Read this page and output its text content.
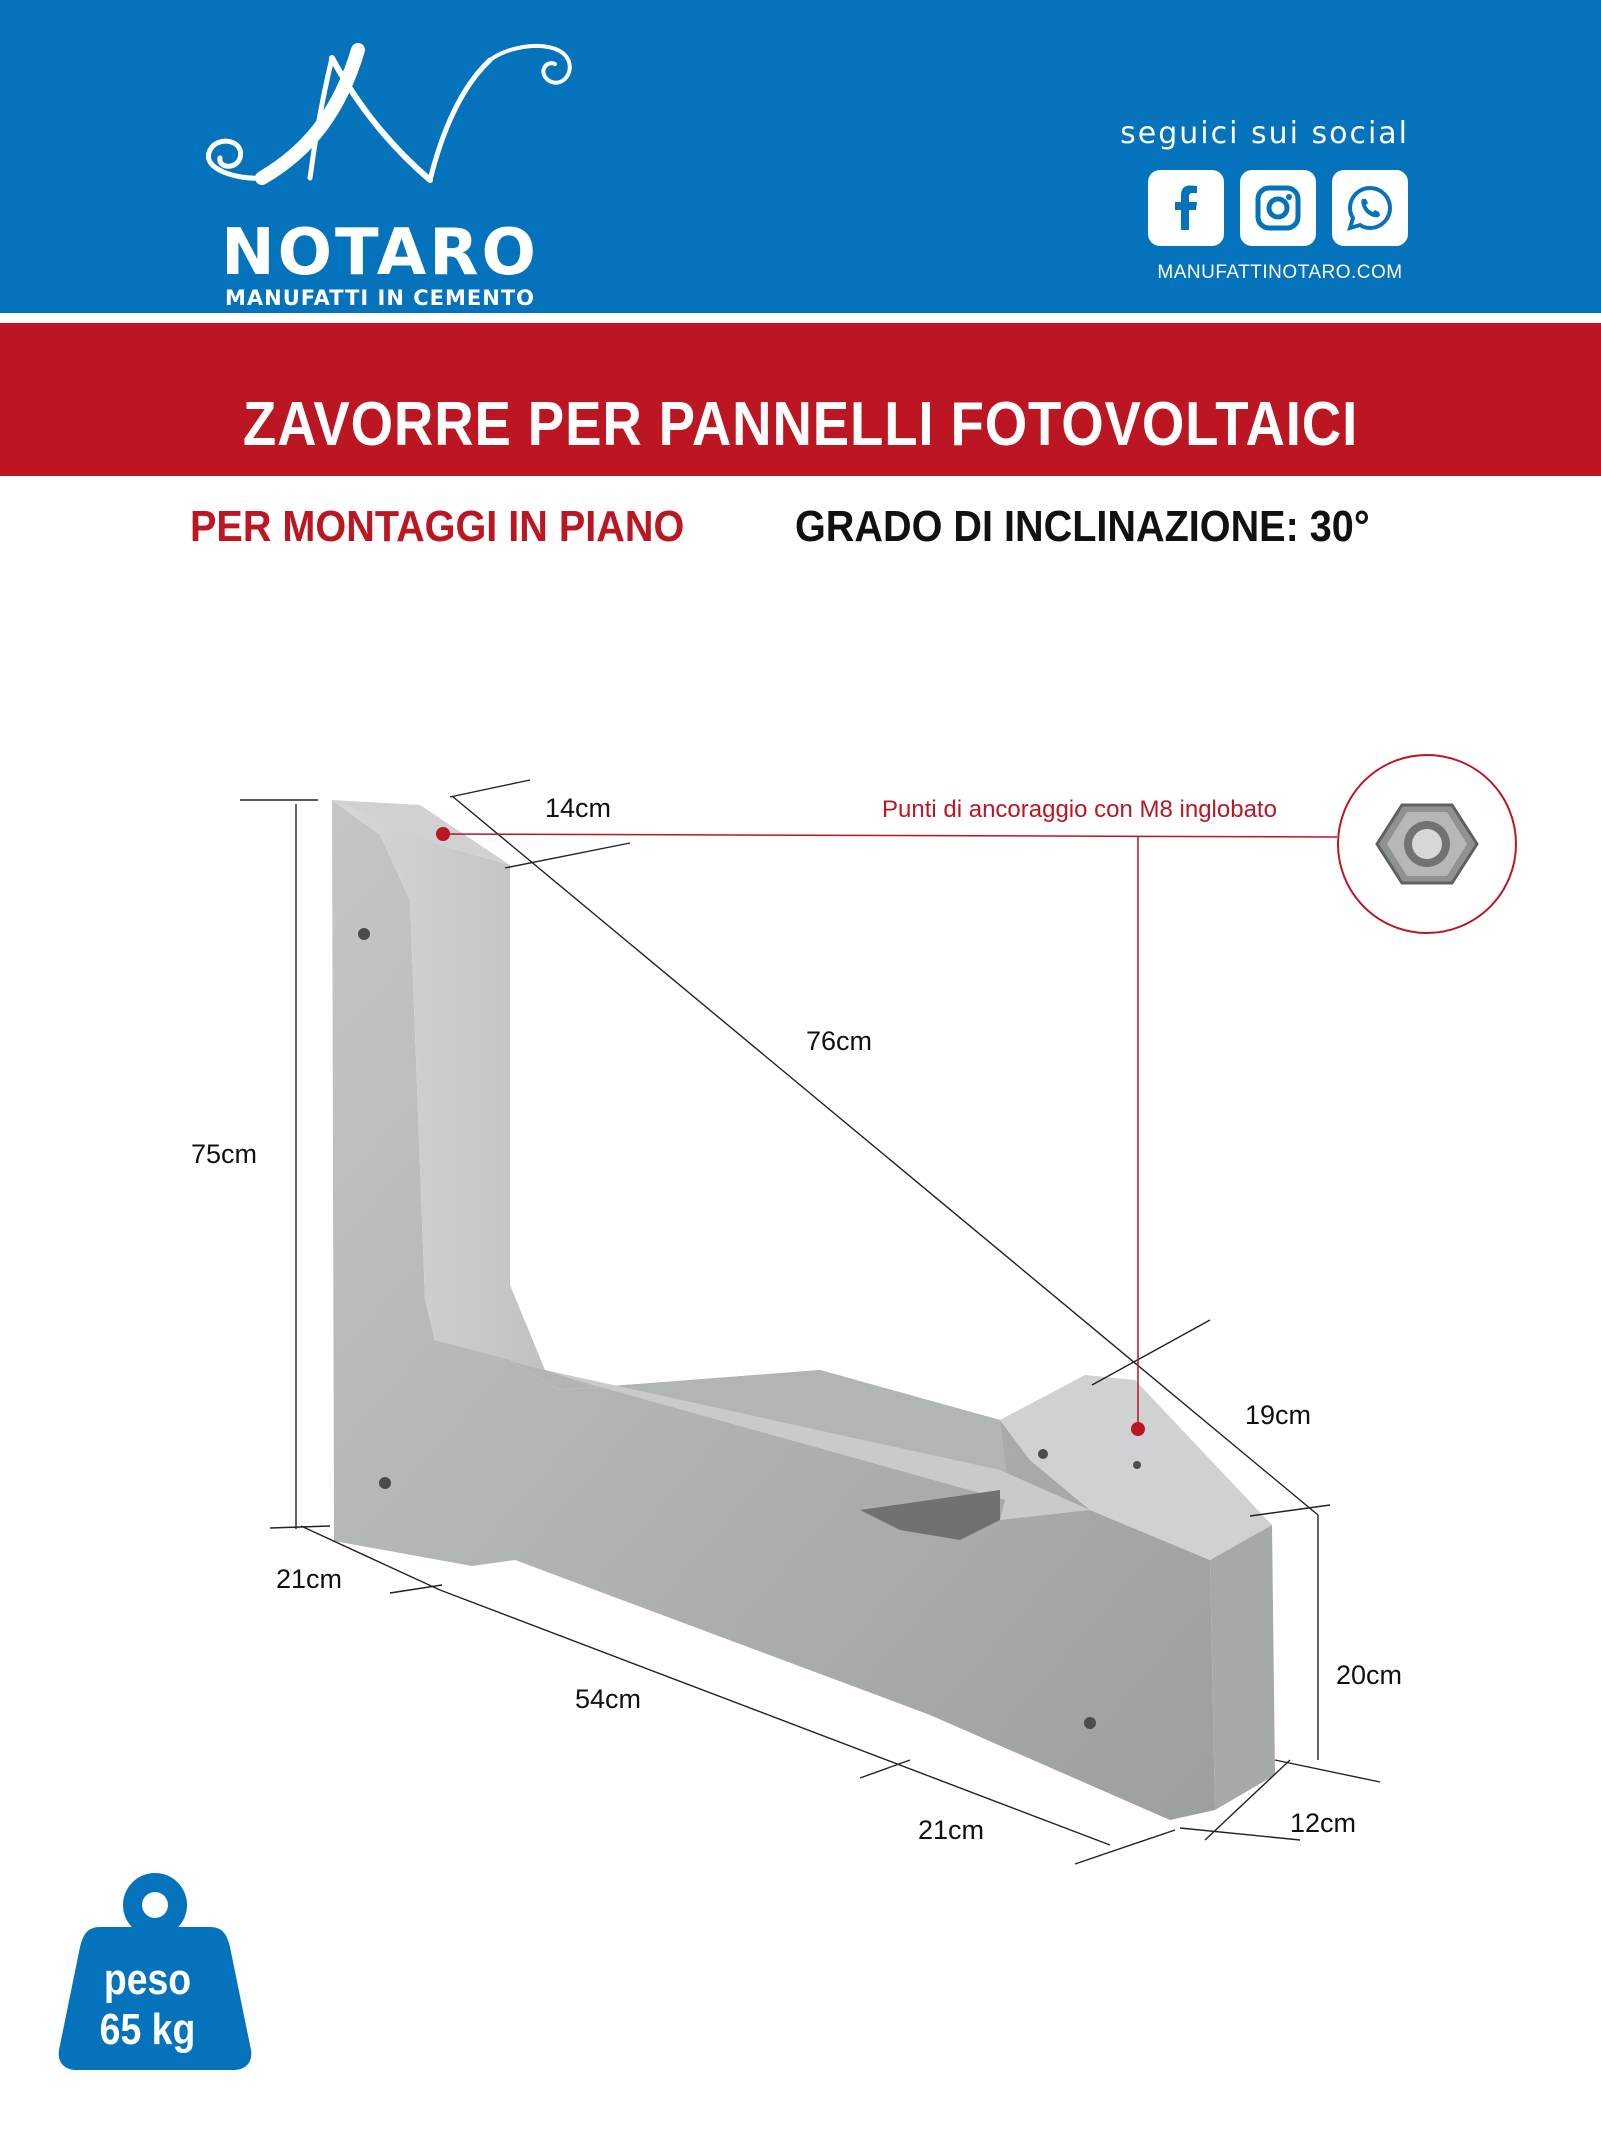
NOTARO
MANUFATTI IN CEMENTO
seguici sui social
MANUFATTINOTARO.COM
ZAVORRE PER PANNELLI FOTOVOLTAICI
PER MONTAGGI IN PIANO	GRADO DI INCLINAZIONE: 30°
Punti di ancoraggio con M8 inglobato
14cm
76cm
75cm
19cm
21cm
54cm
21cm
20cm
12cm
peso
65 kg
